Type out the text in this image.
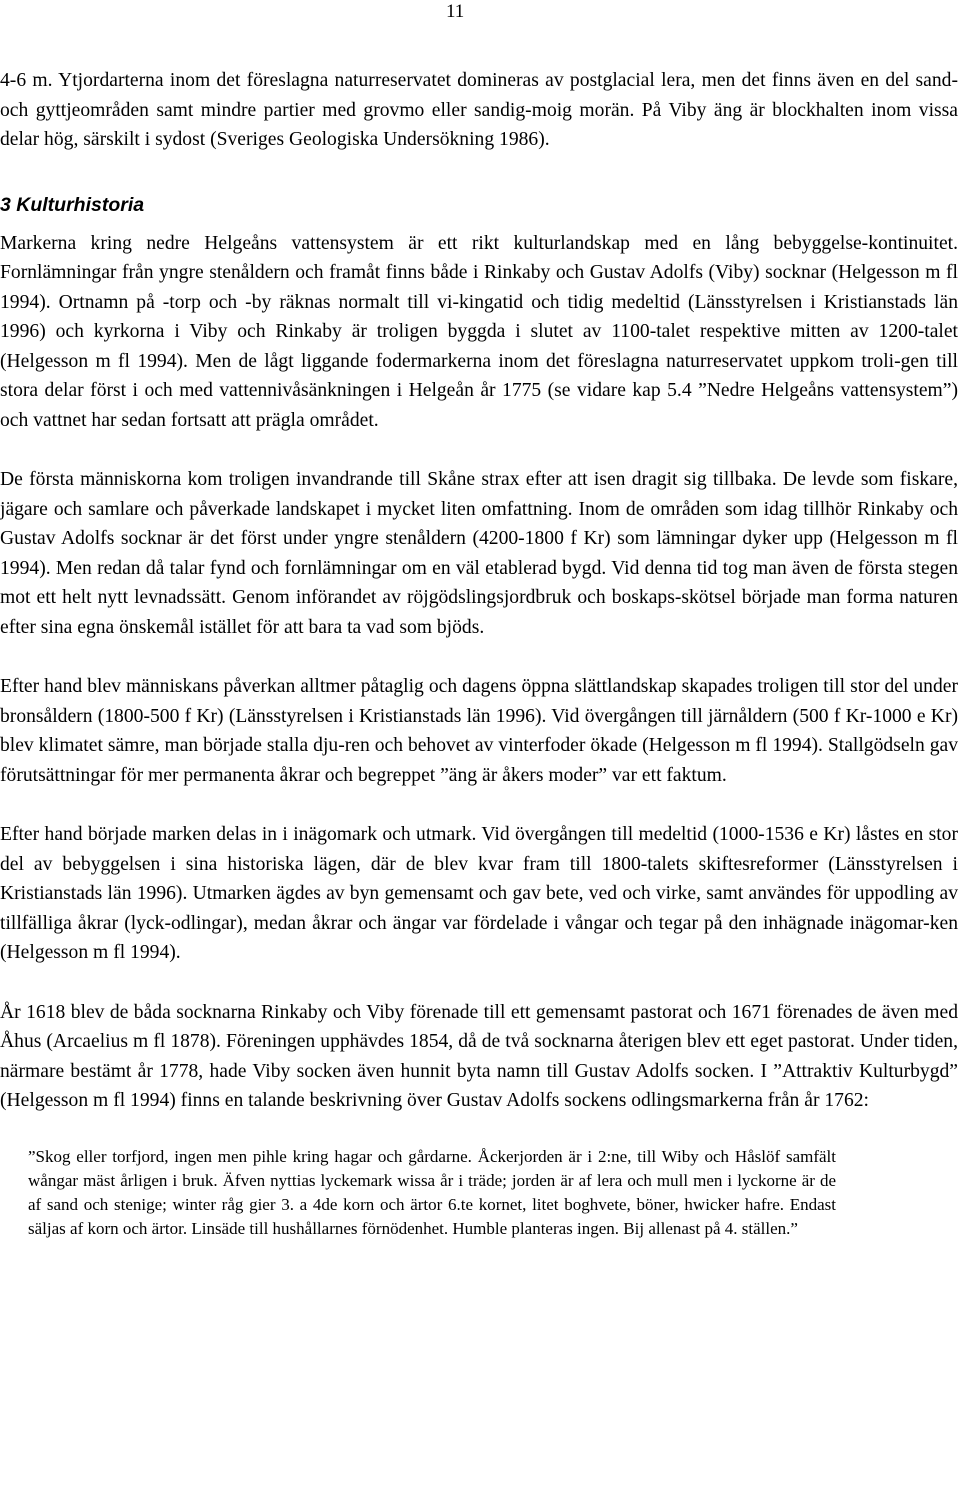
11

4-6 m. Ytjordarterna inom det föreslagna naturreservatet domineras av postglacial lera, men det finns även en del sand- och gyttjeområden samt mindre partier med grovmo eller sandig-moig morän. På Viby äng är blockhalten inom vissa delar hög, särskilt i sydost (Sveriges Geologiska Undersökning 1986).

3 Kulturhistoria

Markerna kring nedre Helgeåns vattensystem är ett rikt kulturlandskap med en lång bebyggelse-kontinuitet. Fornlämningar från yngre stenåldern och framåt finns både i Rinkaby och Gustav Adolfs (Viby) socknar (Helgesson m fl 1994). Ortnamn på -torp och -by räknas normalt till vi-kingatid och tidig medeltid (Länsstyrelsen i Kristianstads län 1996) och kyrkorna i Viby och Rinkaby är troligen byggda i slutet av 1100-talet respektive mitten av 1200-talet (Helgesson m fl 1994). Men de lågt liggande fodermarkerna inom det föreslagna naturreservatet uppkom troli-gen till stora delar först i och med vattennivåsänkningen i Helgeån år 1775 (se vidare kap 5.4 ”Nedre Helgeåns vattensystem”) och vattnet har sedan fortsatt att prägla området.

De första människorna kom troligen invandrande till Skåne strax efter att isen dragit sig tillbaka. De levde som fiskare, jägare och samlare och påverkade landskapet i mycket liten omfattning. Inom de områden som idag tillhör Rinkaby och Gustav Adolfs socknar är det först under yngre stenåldern (4200-1800 f Kr) som lämningar dyker upp (Helgesson m fl 1994). Men redan då talar fynd och fornlämningar om en väl etablerad bygd. Vid denna tid tog man även de första stegen mot ett helt nytt levnadssätt. Genom införandet av röjgödslingsjordbruk och boskaps-skötsel började man forma naturen efter sina egna önskemål istället för att bara ta vad som bjöds.

Efter hand blev människans påverkan alltmer påtaglig och dagens öppna slättlandskap skapades troligen till stor del under bronsåldern (1800-500 f Kr) (Länsstyrelsen i Kristianstads län 1996). Vid övergången till järnåldern (500 f Kr-1000 e Kr) blev klimatet sämre, man började stalla dju-ren och behovet av vinterfoder ökade (Helgesson m fl 1994). Stallgödseln gav förutsättningar för mer permanenta åkrar och begreppet ”äng är åkers moder” var ett faktum.

Efter hand började marken delas in i inägomark och utmark. Vid övergången till medeltid (1000-1536 e Kr) låstes en stor del av bebyggelsen i sina historiska lägen, där de blev kvar fram till 1800-talets skiftesreformer (Länsstyrelsen i Kristianstads län 1996). Utmarken ägdes av byn gemensamt och gav bete, ved och virke, samt användes för uppodling av tillfälliga åkrar (lyck-odlingar), medan åkrar och ängar var fördelade i vångar och tegar på den inhägnade inägomar-ken (Helgesson m fl 1994).

År 1618 blev de båda socknarna Rinkaby och Viby förenade till ett gemensamt pastorat och 1671 förenades de även med Åhus (Arcaelius m fl 1878). Föreningen upphävdes 1854, då de två socknarna återigen blev ett eget pastorat. Under tiden, närmare bestämt år 1778, hade Viby socken även hunnit byta namn till Gustav Adolfs socken. I ”Attraktiv Kulturbygd” (Helgesson m fl 1994) finns en talande beskrivning över Gustav Adolfs sockens odlingsmarkerna från år 1762:

”Skog eller torfjord, ingen men pihle kring hagar och gårdarne. Åckerjorden är i 2:ne, till Wiby och Håslöf samfält wångar mäst årligen i bruk. Äfven nyttias lyckemark wissa år i träde; jorden är af lera och mull men i lyckorne är de af sand och stenige; winter råg gier 3. a 4de korn och ärtor 6.te kornet, litet boghvete, böner, hwicker hafre. Endast säljas af korn och ärtor. Linsäde till hushållarnes förnödenhet. Humble planteras ingen. Bij allenast på 4. ställen.”
